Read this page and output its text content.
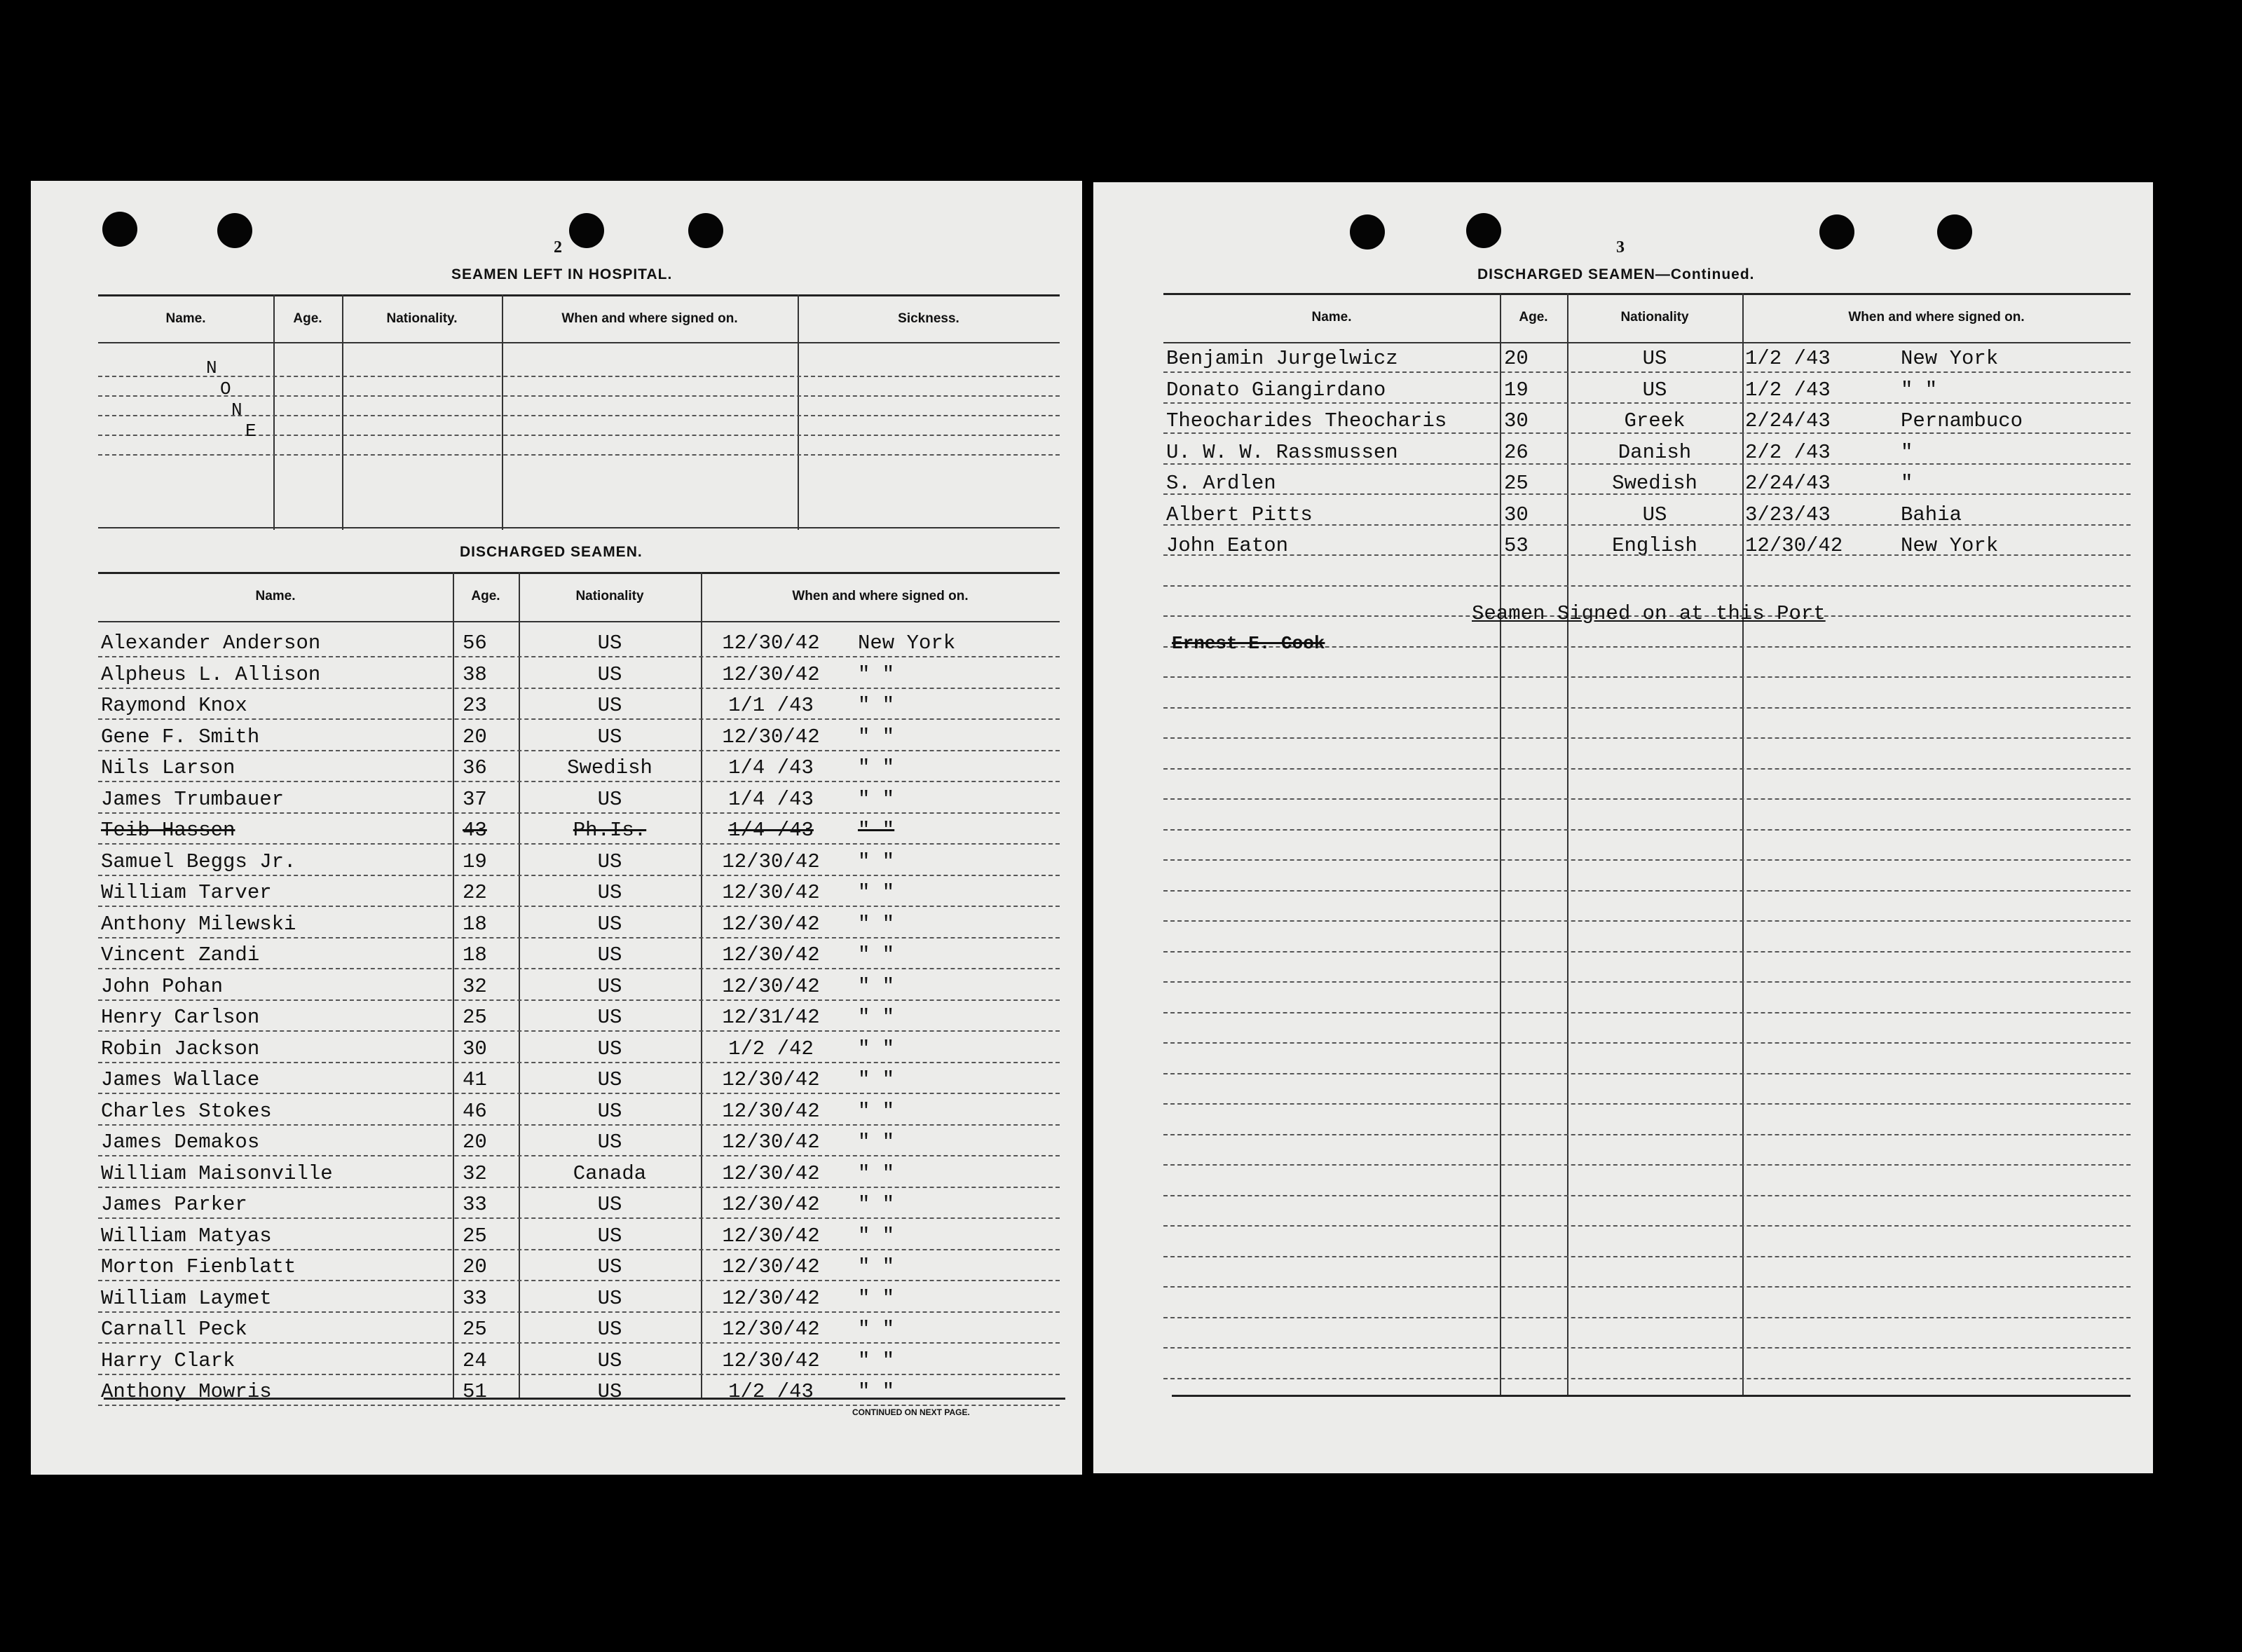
2
SEAMEN LEFT IN HOSPITAL.
Name.	Age.	Nationality.	When and where signed on.	Sickness.
N
O
N
E
DISCHARGED SEAMEN.
Name.	Age.	Nationality	When and where signed on.
Alexander Anderson	56	US	12/30/42	New York
Alpheus L. Allison	38	US	12/30/42	" "
Raymond Knox	23	US	1/1 /43	" "
Gene F. Smith	20	US	12/30/42	" "
Nils Larson	36	Swedish	1/4 /43	" "
James Trumbauer	37	US	1/4 /43	" "
Teib Hassen	43	Ph.Is.	1/4 /43	" "
Samuel Beggs Jr.	19	US	12/30/42	" "
William Tarver	22	US	12/30/42	" "
Anthony Milewski	18	US	12/30/42	" "
Vincent Zandi	18	US	12/30/42	" "
John Pohan	32	US	12/30/42	" "
Henry Carlson	25	US	12/31/42	" "
Robin Jackson	30	US	1/2 /42	" "
James Wallace	41	US	12/30/42	" "
Charles Stokes	46	US	12/30/42	" "
James Demakos	20	US	12/30/42	" "
William Maisonville	32	Canada	12/30/42	" "
James Parker	33	US	12/30/42	" "
William Matyas	25	US	12/30/42	" "
Morton Fienblatt	20	US	12/30/42	" "
William Laymet	33	US	12/30/42	" "
Carnall Peck	25	US	12/30/42	" "
Harry Clark	24	US	12/30/42	" "
Anthony Mowris	51	US	1/2 /43	" "
CONTINUED ON NEXT PAGE.
3
DISCHARGED SEAMEN—Continued.
Name.	Age.	Nationality	When and where signed on.
Benjamin Jurgelwicz	20	US	1/2 /43	New York
Donato Giangirdano	19	US	1/2 /43	" "
Theocharides Theocharis	30	Greek	2/24/43	Pernambuco
U. W. W. Rassmussen	26	Danish	2/2 /43	"
S. Ardlen	25	Swedish	2/24/43	"
Albert Pitts	30	US	3/23/43	Bahia
John Eaton	53	English	12/30/42	New York
Seamen Signed on at this Port
Ernest E. Cook
